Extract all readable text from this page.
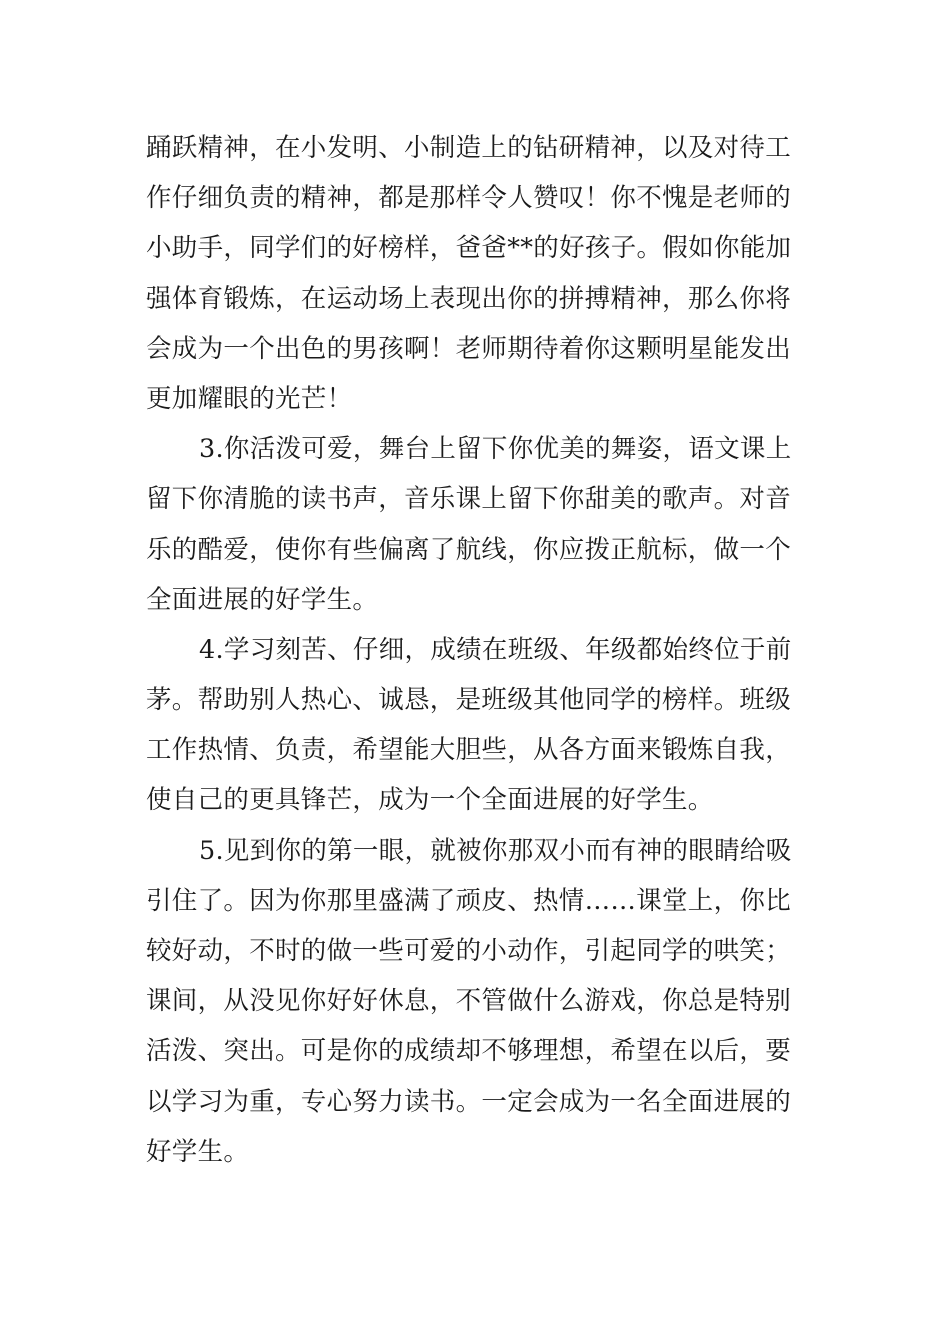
踊跃精神，在小发明、小制造上的钻研精神，以及对待工
作仔细负责的精神，都是那样令人赞叹！你不愧是老师的
小助手，同学们的好榜样，爸爸**的好孩子。假如你能加
强体育锻炼，在运动场上表现出你的拼搏精神，那么你将
会成为一个出色的男孩啊！老师期待着你这颗明星能发出
更加耀眼的光芒！
3.你活泼可爱，舞台上留下你优美的舞姿，语文课上
留下你清脆的读书声，音乐课上留下你甜美的歌声。对音
乐的酷爱，使你有些偏离了航线，你应拨正航标，做一个
全面进展的好学生。
4.学习刻苦、仔细，成绩在班级、年级都始终位于前
茅。帮助别人热心、诚恳，是班级其他同学的榜样。班级
工作热情、负责，希望能大胆些，从各方面来锻炼自我，
使自己的更具锋芒，成为一个全面进展的好学生。
5.见到你的第一眼，就被你那双小而有神的眼睛给吸
引住了。因为你那里盛满了顽皮、热情……课堂上，你比
较好动，不时的做一些可爱的小动作，引起同学的哄笑；
课间，从没见你好好休息，不管做什么游戏，你总是特别
活泼、突出。可是你的成绩却不够理想，希望在以后，要
以学习为重，专心努力读书。一定会成为一名全面进展的
好学生。
